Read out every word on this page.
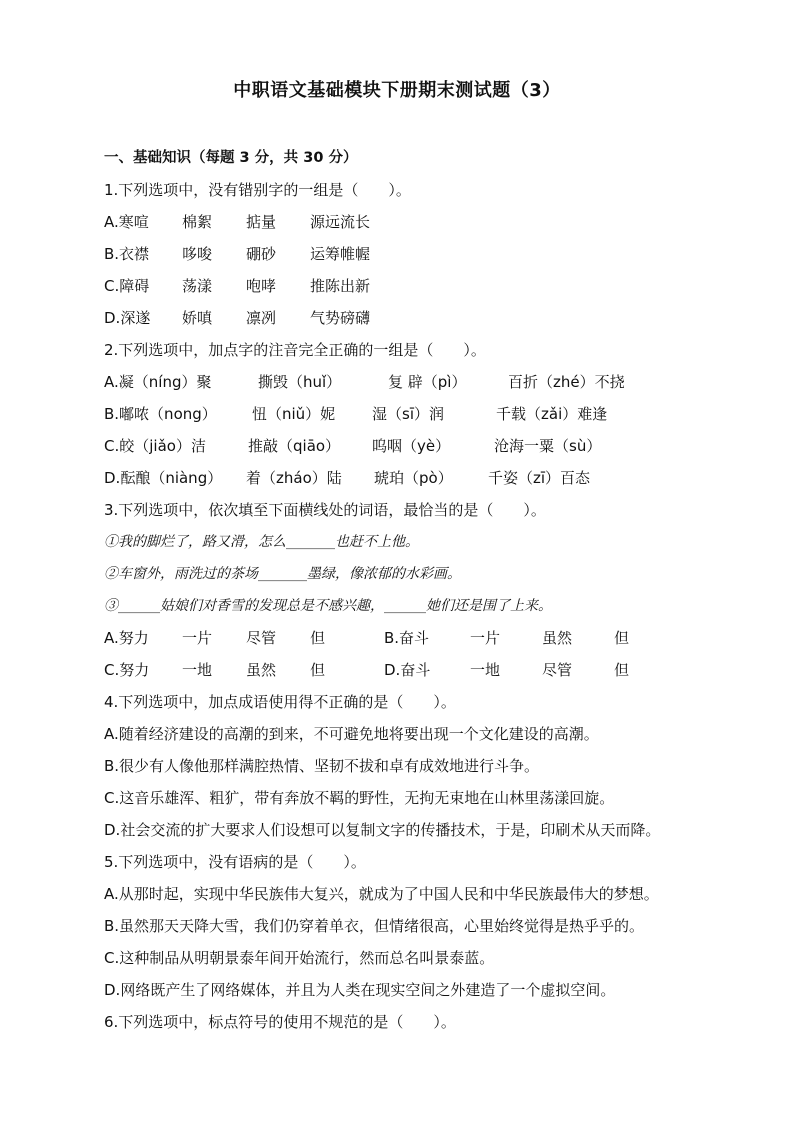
中职语文基础模块下册期末测试题（3）
一、基础知识（每题 3 分，共 30 分）
1.下列选项中，没有错别字的一组是（　　）。
A.寒喧 棉絮 掂量 源远流长
B.衣襟 哆唆 硼砂 运筹帷幄
C.障碍 荡漾 咆哮 推陈出新
D.深遂 娇嗔 凛冽 气势磅礴
2.下列选项中，加点字的注音完全正确的一组是（　　）。
A.凝（níng）聚	撕毁（huǐ）	复 辟（pì）	百折（zhé）不挠
B.嘟哝（nong） 忸（niǔ）妮 湿（sī）润	千载（zǎi）难逢
C.皎（jiǎo）洁	推敲（qiāo） 呜咽（yè）	沧海一粟（sù）
D.酝酿（niàng） 着（zháo）陆 琥珀（pò） 千姿（zī）百态
3.下列选项中，依次填至下面横线处的词语，最恰当的是（　　）。
①我的脚烂了，路又滑，怎么_______也赶不上他。
②车窗外，雨洗过的茶场_______墨绿，像浓郁的水彩画。
③______姑娘们对香雪的发现总是不感兴趣，______她们还是围了上来。
A.努力 一片 尽管 但	B.奋斗	一片	虽然	但
C.努力 一地 虽然 但	D.奋斗	一地	尽管	但
4.下列选项中，加点成语使用得不正确的是（　　）。
A.随着经济建设的高潮的到来，不可避免地将要出现一个文化建设的高潮。
B.很少有人像他那样满腔热情、坚韧不拔和卓有成效地进行斗争。
C.这音乐雄浑、粗犷，带有奔放不羁的野性，无拘无束地在山林里荡漾回旋。
D.社会交流的扩大要求人们设想可以复制文字的传播技术，于是，印刷术从天而降。
5.下列选项中，没有语病的是（　　）。
A.从那时起，实现中华民族伟大复兴，就成为了中国人民和中华民族最伟大的梦想。
B.虽然那天天降大雪，我们仍穿着单衣，但情绪很高，心里始终觉得是热乎乎的。
C.这种制品从明朝景泰年间开始流行，然而总名叫景泰蓝。
D.网络既产生了网络媒体，并且为人类在现实空间之外建造了一个虚拟空间。
6.下列选项中，标点符号的使用不规范的是（　　）。
